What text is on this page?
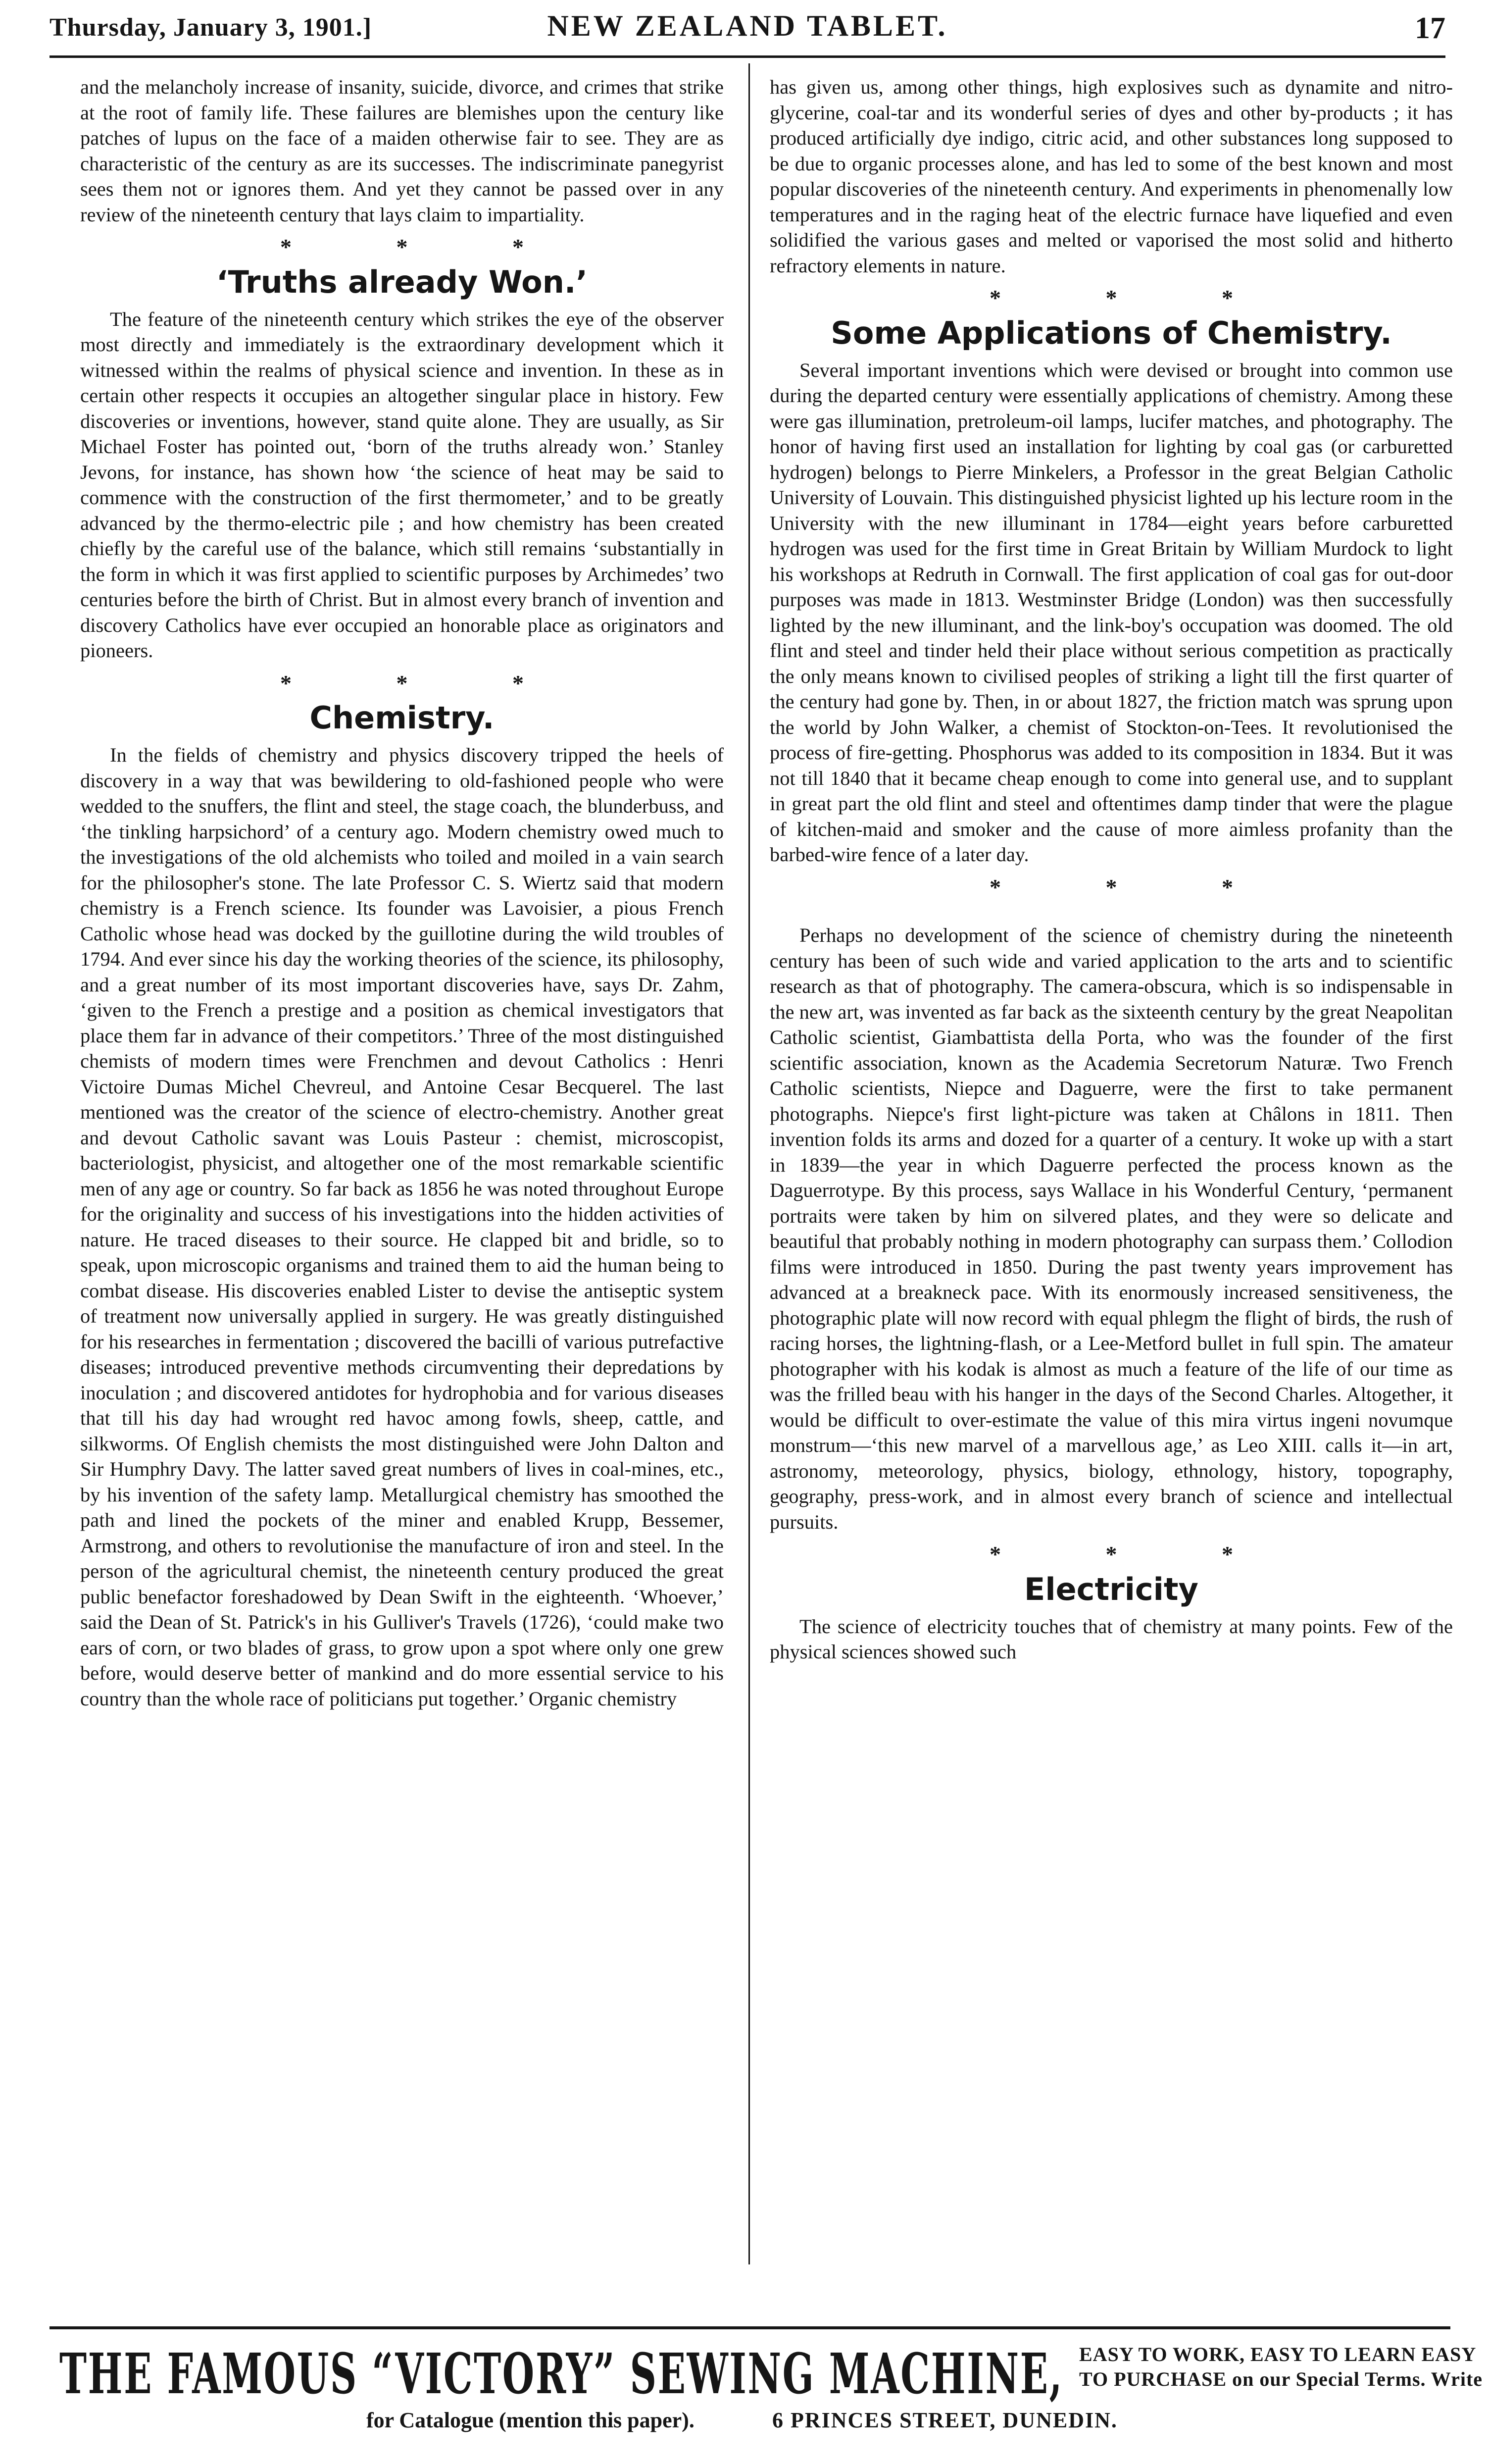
Thursday, January 3, 1901.]	NEW ZEALAND TABLET.	17

and the melancholy increase of insanity, suicide, divorce, and crimes that strike at the root of family life. These failures are blemishes upon the century like patches of lupus on the face of a maiden otherwise fair to see. They are as characteristic of the century as are its successes. The indiscriminate panegyrist sees them not or ignores them. And yet they cannot be passed over in any review of the nineteenth century that lays claim to impartiality.

* * *
‘Truths already Won.’

The feature of the nineteenth century which strikes the eye of the observer most directly and immediately is the extraordinary development which it witnessed within the realms of physical science and invention. In these as in certain other respects it occupies an altogether singular place in history. Few discoveries or inventions, however, stand quite alone. They are usually, as Sir Michael Foster has pointed out, ‘born of the truths already won.’ Stanley Jevons, for instance, has shown how ‘the science of heat may be said to commence with the construction of the first thermometer,’ and to be greatly advanced by the thermo-electric pile ; and how chemistry has been created chiefly by the careful use of the balance, which still remains ‘substantially in the form in which it was first applied to scientific purposes by Archimedes’ two centuries before the birth of Christ. But in almost every branch of invention and discovery Catholics have ever occupied an honorable place as originators and pioneers.

* * *
Chemistry.

In the fields of chemistry and physics discovery tripped the heels of discovery in a way that was bewildering to old-fashioned people who were wedded to the snuffers, the flint and steel, the stage coach, the blunderbuss, and ‘the tinkling harpsichord’ of a century ago. Modern chemistry owed much to the investigations of the old alchemists who toiled and moiled in a vain search for the philosopher's stone. The late Professor C. S. Wiertz said that modern chemistry is a French science. Its founder was Lavoisier, a pious French Catholic whose head was docked by the guillotine during the wild troubles of 1794. And ever since his day the working theories of the science, its philosophy, and a great number of its most important discoveries have, says Dr. Zahm, ‘given to the French a prestige and a position as chemical investigators that place them far in advance of their competitors.’ Three of the most distinguished chemists of modern times were Frenchmen and devout Catholics : Henri Victoire Dumas Michel Chevreul, and Antoine Cesar Becquerel. The last mentioned was the creator of the science of electro-chemistry. Another great and devout Catholic savant was Louis Pasteur : chemist, microscopist, bacteriologist, physicist, and altogether one of the most remarkable scientific men of any age or country. So far back as 1856 he was noted throughout Europe for the originality and success of his investigations into the hidden activities of nature. He traced diseases to their source. He clapped bit and bridle, so to speak, upon microscopic organisms and trained them to aid the human being to combat disease. His discoveries enabled Lister to devise the antiseptic system of treatment now universally applied in surgery. He was greatly distinguished for his researches in fermentation ; discovered the bacilli of various putrefactive diseases; introduced preventive methods circumventing their depredations by inoculation ; and discovered antidotes for hydrophobia and for various diseases that till his day had wrought red havoc among fowls, sheep, cattle, and silkworms. Of English chemists the most distinguished were John Dalton and Sir Humphry Davy. The latter saved great numbers of lives in coal-mines, etc., by his invention of the safety lamp. Metallurgical chemistry has smoothed the path and lined the pockets of the miner and enabled Krupp, Bessemer, Armstrong, and others to revolutionise the manufacture of iron and steel. In the person of the agricultural chemist, the nineteenth century produced the great public benefactor foreshadowed by Dean Swift in the eighteenth. ‘Whoever,’ said the Dean of St. Patrick's in his Gulliver's Travels (1726), ‘could make two ears of corn, or two blades of grass, to grow upon a spot where only one grew before, would deserve better of mankind and do more essential service to his country than the whole race of politicians put together.’ Organic chemistry

has given us, among other things, high explosives such as dynamite and nitro-glycerine, coal-tar and its wonderful series of dyes and other by-products ; it has produced artificially dye indigo, citric acid, and other substances long supposed to be due to organic processes alone, and has led to some of the best known and most popular discoveries of the nineteenth century. And experiments in phenomenally low temperatures and in the raging heat of the electric furnace have liquefied and even solidified the various gases and melted or vaporised the most solid and hitherto refractory elements in nature.

* * *
Some Applications of Chemistry.

Several important inventions which were devised or brought into common use during the departed century were essentially applications of chemistry. Among these were gas illumination, pretroleum-oil lamps, lucifer matches, and photography. The honor of having first used an installation for lighting by coal gas (or carburetted hydrogen) belongs to Pierre Minkelers, a Professor in the great Belgian Catholic University of Louvain. This distinguished physicist lighted up his lecture room in the University with the new illuminant in 1784—eight years before carburetted hydrogen was used for the first time in Great Britain by William Murdock to light his workshops at Redruth in Cornwall. The first application of coal gas for out-door purposes was made in 1813. Westminster Bridge (London) was then successfully lighted by the new illuminant, and the link-boy's occupation was doomed. The old flint and steel and tinder held their place without serious competition as practically the only means known to civilised peoples of striking a light till the first quarter of the century had gone by. Then, in or about 1827, the friction match was sprung upon the world by John Walker, a chemist of Stockton-on-Tees. It revolutionised the process of fire-getting. Phosphorus was added to its composition in 1834. But it was not till 1840 that it became cheap enough to come into general use, and to supplant in great part the old flint and steel and oftentimes damp tinder that were the plague of kitchen-maid and smoker and the cause of more aimless profanity than the barbed-wire fence of a later day.

* * *

Perhaps no development of the science of chemistry during the nineteenth century has been of such wide and varied application to the arts and to scientific research as that of photography. The camera-obscura, which is so indispensable in the new art, was invented as far back as the sixteenth century by the great Neapolitan Catholic scientist, Giambattista della Porta, who was the founder of the first scientific association, known as the Academia Secretorum Naturæ. Two French Catholic scientists, Niepce and Daguerre, were the first to take permanent photographs. Niepce's first light-picture was taken at Châlons in 1811. Then invention folds its arms and dozed for a quarter of a century. It woke up with a start in 1839—the year in which Daguerre perfected the process known as the Daguerrotype. By this process, says Wallace in his Wonderful Century, ‘permanent portraits were taken by him on silvered plates, and they were so delicate and beautiful that probably nothing in modern photography can surpass them.’ Collodion films were introduced in 1850. During the past twenty years improvement has advanced at a breakneck pace. With its enormously increased sensitiveness, the photographic plate will now record with equal phlegm the flight of birds, the rush of racing horses, the lightning-flash, or a Lee-Metford bullet in full spin. The amateur photographer with his kodak is almost as much a feature of the life of our time as was the frilled beau with his hanger in the days of the Second Charles. Altogether, it would be difficult to over-estimate the value of this mira virtus ingeni novumque monstrum—‘this new marvel of a marvellous age,’ as Leo XIII. calls it—in art, astronomy, meteorology, physics, biology, ethnology, history, topography, geography, press-work, and in almost every branch of science and intellectual pursuits.

* * *
Electricity

The science of electricity touches that of chemistry at many points. Few of the physical sciences showed such

THE FAMOUS “VICTORY” SEWING MACHINE,
for Catalogue (mention this paper).	6 PRINCES STREET, DUNEDIN.
EASY TO WORK, EASY TO LEARN EASY
TO PURCHASE on our Special Terms. Write
